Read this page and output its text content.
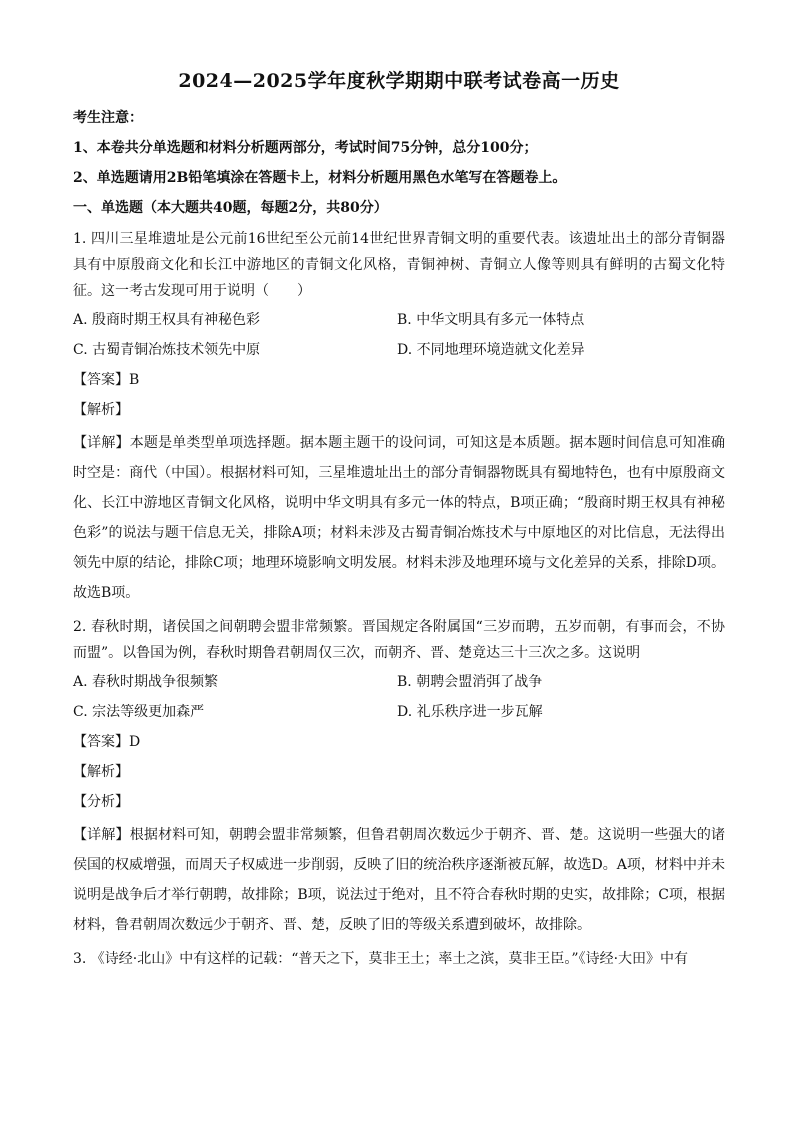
2024—2025学年度秋学期期中联考试卷高一历史
考生注意：
1、本卷共分单选题和材料分析题两部分，考试时间75分钟，总分100分；
2、单选题请用2B铅笔填涂在答题卡上，材料分析题用黑色水笔写在答题卷上。
一、单选题（本大题共40题，每题2分，共80分）
1. 四川三星堆遗址是公元前16世纪至公元前14世纪世界青铜文明的重要代表。该遗址出土的部分青铜器具有中原殷商文化和长江中游地区的青铜文化风格，青铜神树、青铜立人像等则具有鲜明的古蜀文化特征。这一考古发现可用于说明（　　）
A. 殷商时期王权具有神秘色彩	B. 中华文明具有多元一体特点
C. 古蜀青铜冶炼技术领先中原	D. 不同地理环境造就文化差异
【答案】B
【解析】
【详解】本题是单类型单项选择题。据本题主题干的设问词，可知这是本质题。据本题时间信息可知准确时空是：商代（中国）。根据材料可知，三星堆遗址出土的部分青铜器物既具有蜀地特色，也有中原殷商文化、长江中游地区青铜文化风格，说明中华文明具有多元一体的特点，B项正确；“殷商时期王权具有神秘色彩”的说法与题干信息无关，排除A项；材料未涉及古蜀青铜冶炼技术与中原地区的对比信息，无法得出领先中原的结论，排除C项；地理环境影响文明发展。材料未涉及地理环境与文化差异的关系，排除D项。故选B项。
2. 春秋时期，诸侯国之间朝聘会盟非常频繁。晋国规定各附属国“三岁而聘，五岁而朝，有事而会，不协而盟”。以鲁国为例，春秋时期鲁君朝周仅三次，而朝齐、晋、楚竟达三十三次之多。这说明
A. 春秋时期战争很频繁	B. 朝聘会盟消弭了战争
C. 宗法等级更加森严	D. 礼乐秩序进一步瓦解
【答案】D
【解析】
【分析】
【详解】根据材料可知，朝聘会盟非常频繁，但鲁君朝周次数远少于朝齐、晋、楚。这说明一些强大的诸侯国的权威增强，而周天子权威进一步削弱，反映了旧的统治秩序逐渐被瓦解，故选D。A项，材料中并未说明是战争后才举行朝聘，故排除；B项，说法过于绝对，且不符合春秋时期的史实，故排除；C项，根据材料，鲁君朝周次数远少于朝齐、晋、楚，反映了旧的等级关系遭到破坏，故排除。
3. 《诗经·北山》中有这样的记载：“普天之下，莫非王土；率土之滨，莫非王臣。”《诗经·大田》中有
